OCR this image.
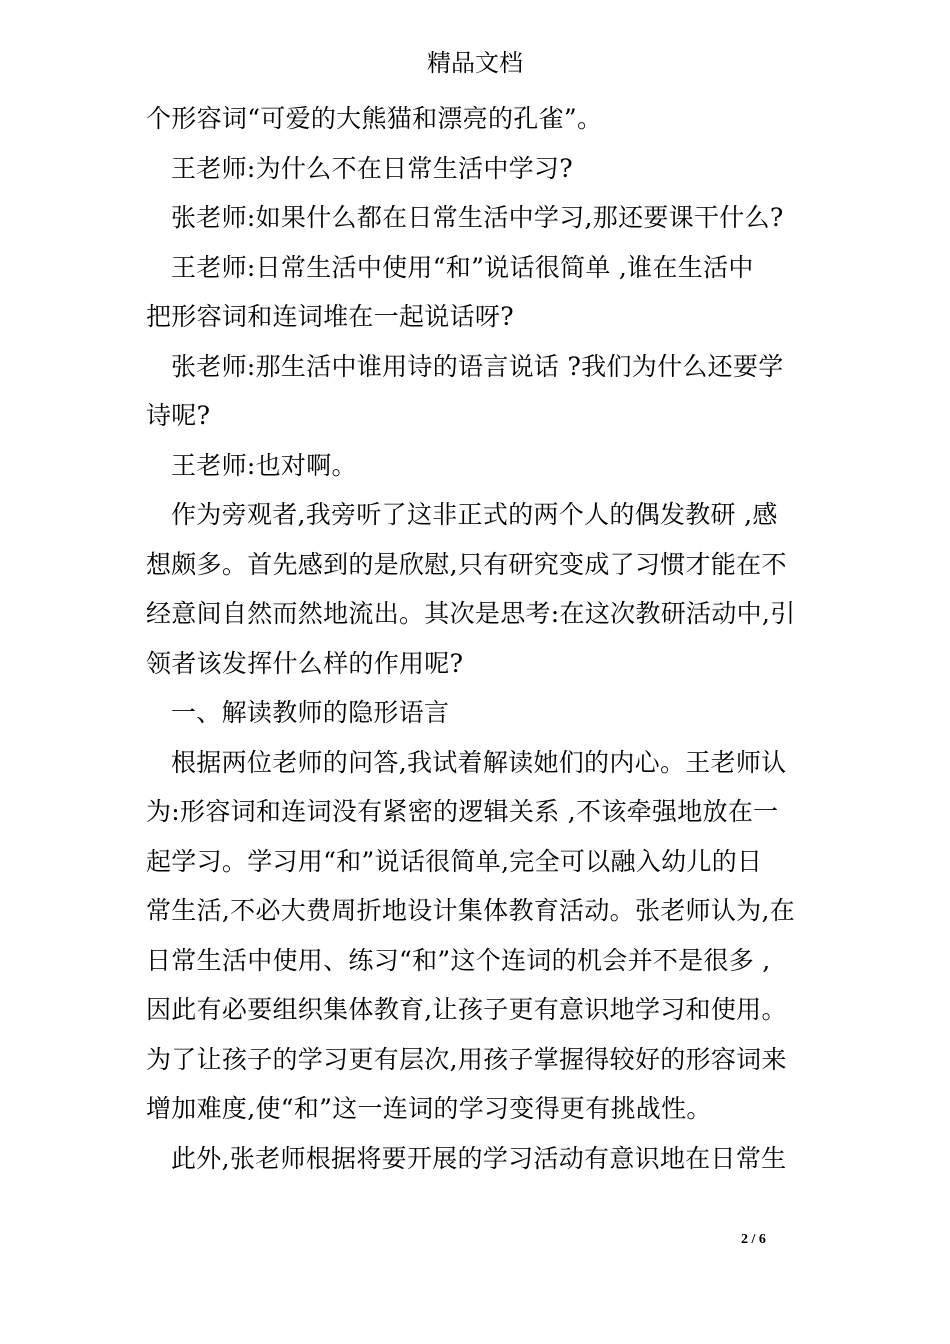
精品文档
个形容词“可爱的大熊猫和漂亮的孔雀”。
王老师:为什么不在日常生活中学习?
张老师:如果什么都在日常生活中学习,那还要课干什么?
王老师:日常生活中使用“和”说话很简单 ,谁在生活中
把形容词和连词堆在一起说话呀?
张老师:那生活中谁用诗的语言说话 ?我们为什么还要学
诗呢?
王老师:也对啊。
作为旁观者,我旁听了这非正式的两个人的偶发教研 ,感
想颇多。首先感到的是欣慰,只有研究变成了习惯才能在不
经意间自然而然地流出。其次是思考:在这次教研活动中,引
领者该发挥什么样的作用呢?
一、解读教师的隐形语言
根据两位老师的问答,我试着解读她们的内心。王老师认
为:形容词和连词没有紧密的逻辑关系 ,不该牵强地放在一
起学习。学习用“和”说话很简单,完全可以融入幼儿的日
常生活,不必大费周折地设计集体教育活动。张老师认为,在
日常生活中使用、练习“和”这个连词的机会并不是很多 ,
因此有必要组织集体教育,让孩子更有意识地学习和使用。
为了让孩子的学习更有层次,用孩子掌握得较好的形容词来
增加难度,使“和”这一连词的学习变得更有挑战性。
此外,张老师根据将要开展的学习活动有意识地在日常生
2 / 6
